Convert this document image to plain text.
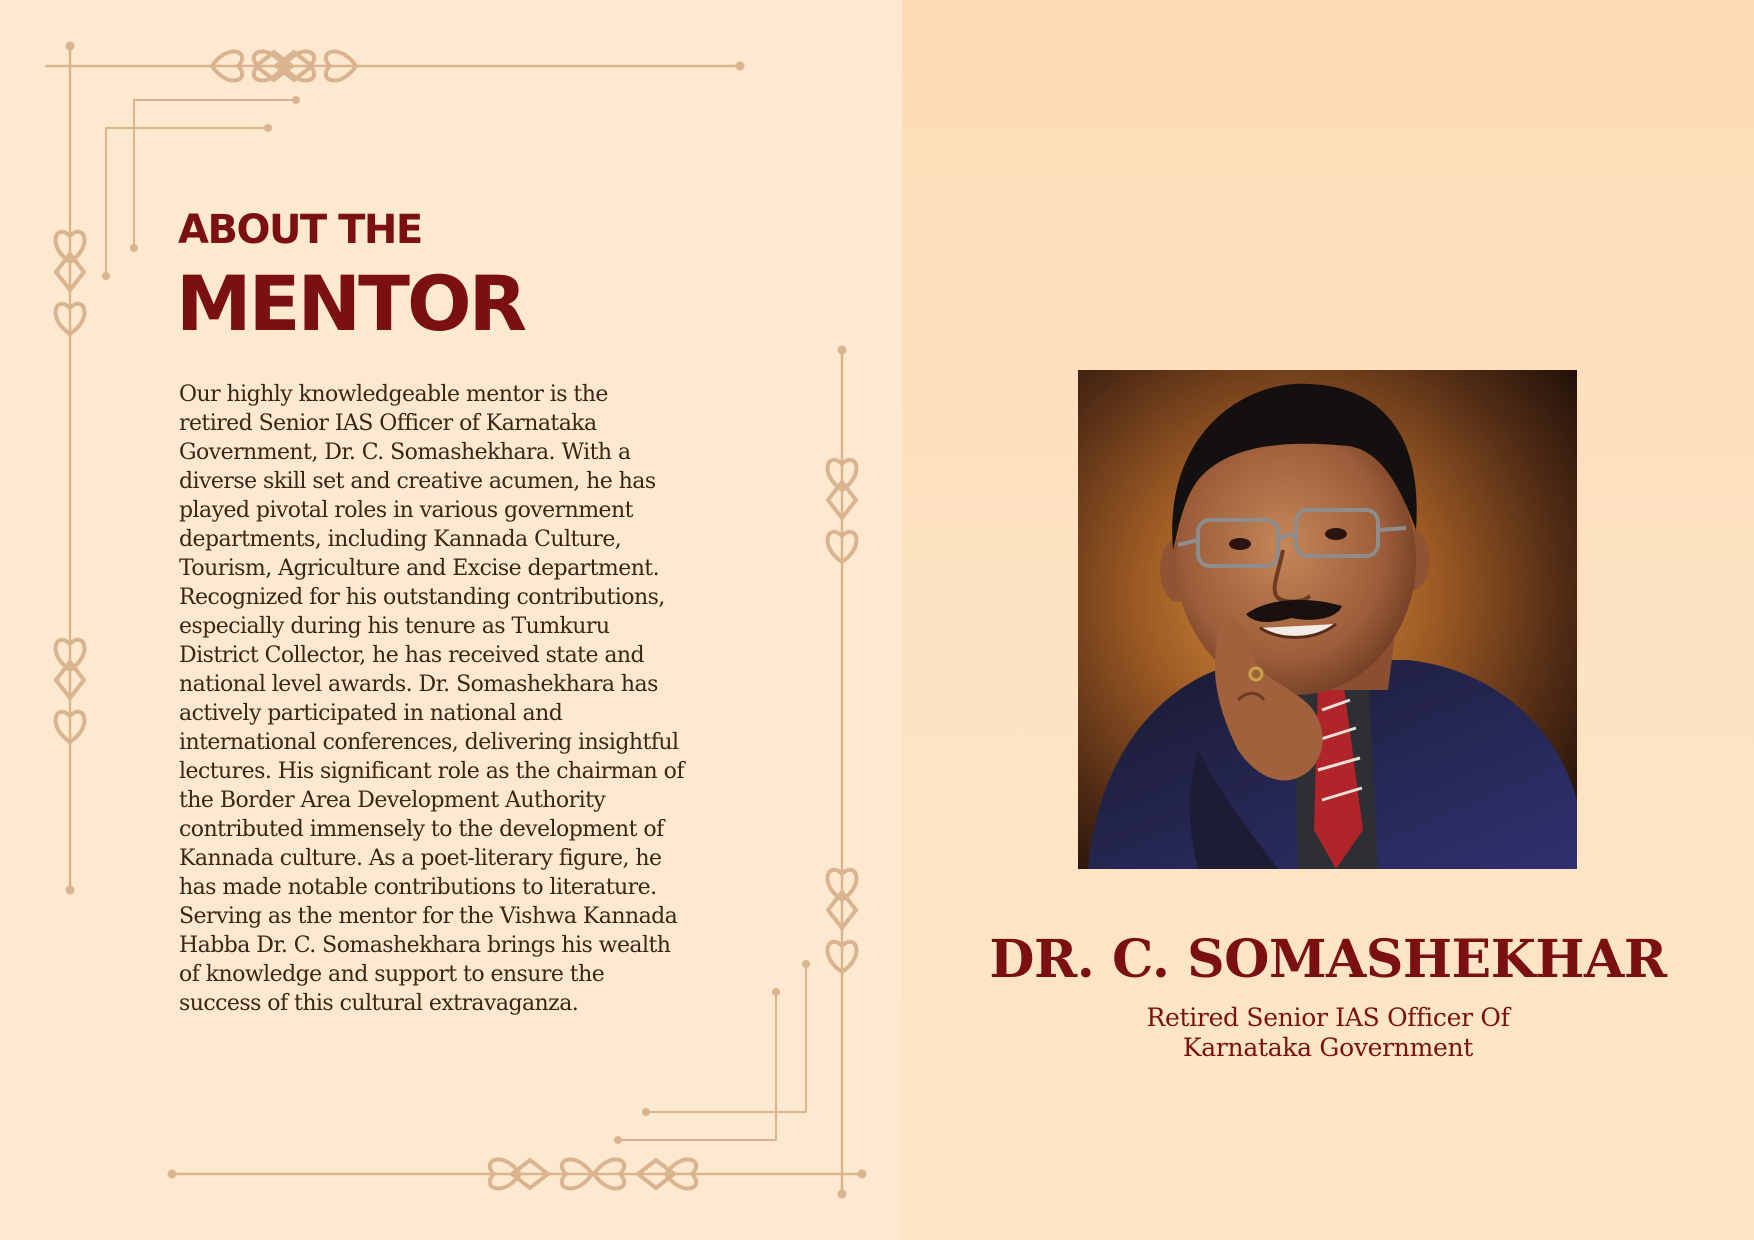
ABOUT THE
MENTOR

Our highly knowledgeable mentor is the
retired Senior IAS Officer of Karnataka
Government, Dr. C. Somashekhara. With a
diverse skill set and creative acumen, he has
played pivotal roles in various government
departments, including Kannada Culture,
Tourism, Agriculture and Excise department.
Recognized for his outstanding contributions,
especially during his tenure as Tumkuru
District Collector, he has received state and
national level awards. Dr. Somashekhara has
actively participated in national and
international conferences, delivering insightful
lectures. His significant role as the chairman of
the Border Area Development Authority
contributed immensely to the development of
Kannada culture. As a poet-literary figure, he
has made notable contributions to literature.
Serving as the mentor for the Vishwa Kannada
Habba Dr. C. Somashekhara brings his wealth
of knowledge and support to ensure the
success of this cultural extravaganza.

DR. C. SOMASHEKHAR

Retired Senior IAS Officer Of
Karnataka Government
